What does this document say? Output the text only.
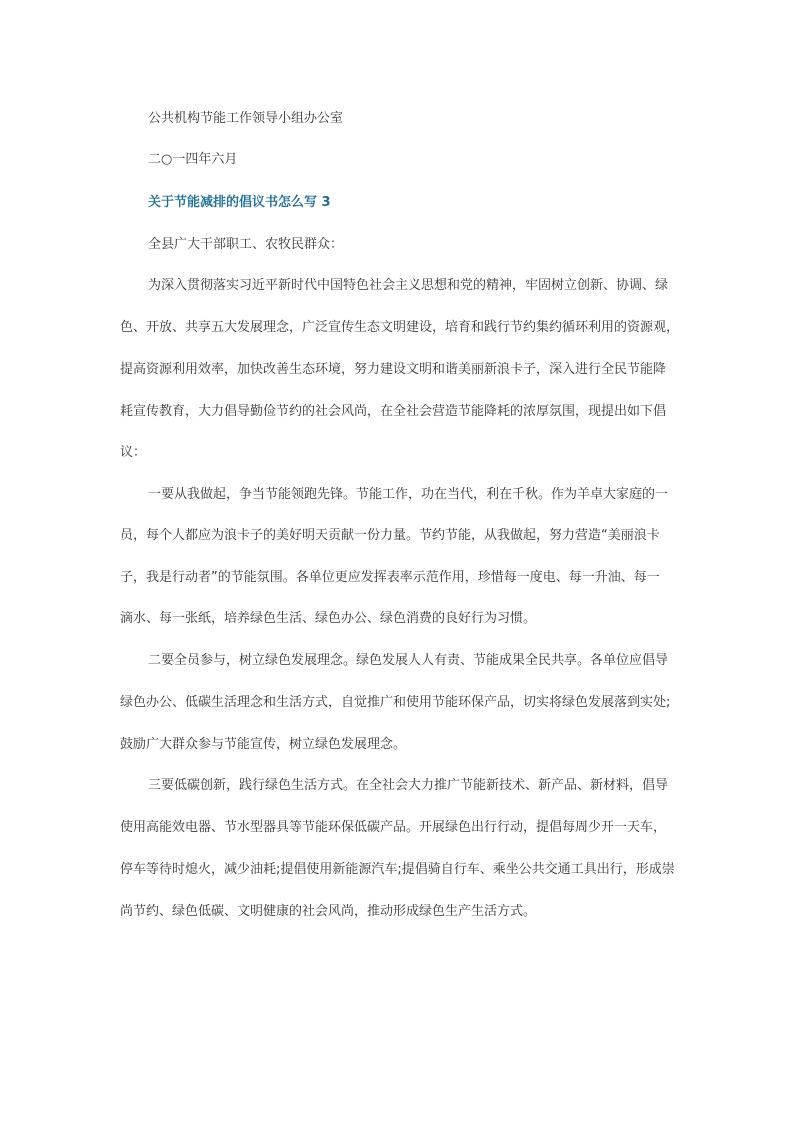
公共机构节能工作领导小组办公室
二○一四年六月
关于节能减排的倡议书怎么写 3
全县广大干部职工、农牧民群众：
为深入贯彻落实习近平新时代中国特色社会主义思想和党的精神，牢固树立创新、协调、绿
色、开放、共享五大发展理念，广泛宣传生态文明建设，培育和践行节约集约循环利用的资源观，
提高资源利用效率，加快改善生态环境，努力建设文明和谐美丽新浪卡子，深入进行全民节能降
耗宣传教育，大力倡导勤俭节约的社会风尚，在全社会营造节能降耗的浓厚氛围，现提出如下倡
议：
一要从我做起，争当节能领跑先锋。节能工作，功在当代，利在千秋。作为羊卓大家庭的一
员，每个人都应为浪卡子的美好明天贡献一份力量。节约节能，从我做起，努力营造“美丽浪卡
子，我是行动者”的节能氛围。各单位更应发挥表率示范作用，珍惜每一度电、每一升油、每一
滴水、每一张纸，培养绿色生活、绿色办公、绿色消费的良好行为习惯。
二要全员参与，树立绿色发展理念。绿色发展人人有责、节能成果全民共享。各单位应倡导
绿色办公、低碳生活理念和生活方式，自觉推广和使用节能环保产品，切实将绿色发展落到实处;
鼓励广大群众参与节能宣传，树立绿色发展理念。
三要低碳创新，践行绿色生活方式。在全社会大力推广节能新技术、新产品、新材料，倡导
使用高能效电器、节水型器具等节能环保低碳产品。开展绿色出行行动，提倡每周少开一天车，
停车等待时熄火，减少油耗;提倡使用新能源汽车;提倡骑自行车、乘坐公共交通工具出行，形成崇
尚节约、绿色低碳、文明健康的社会风尚，推动形成绿色生产生活方式。
